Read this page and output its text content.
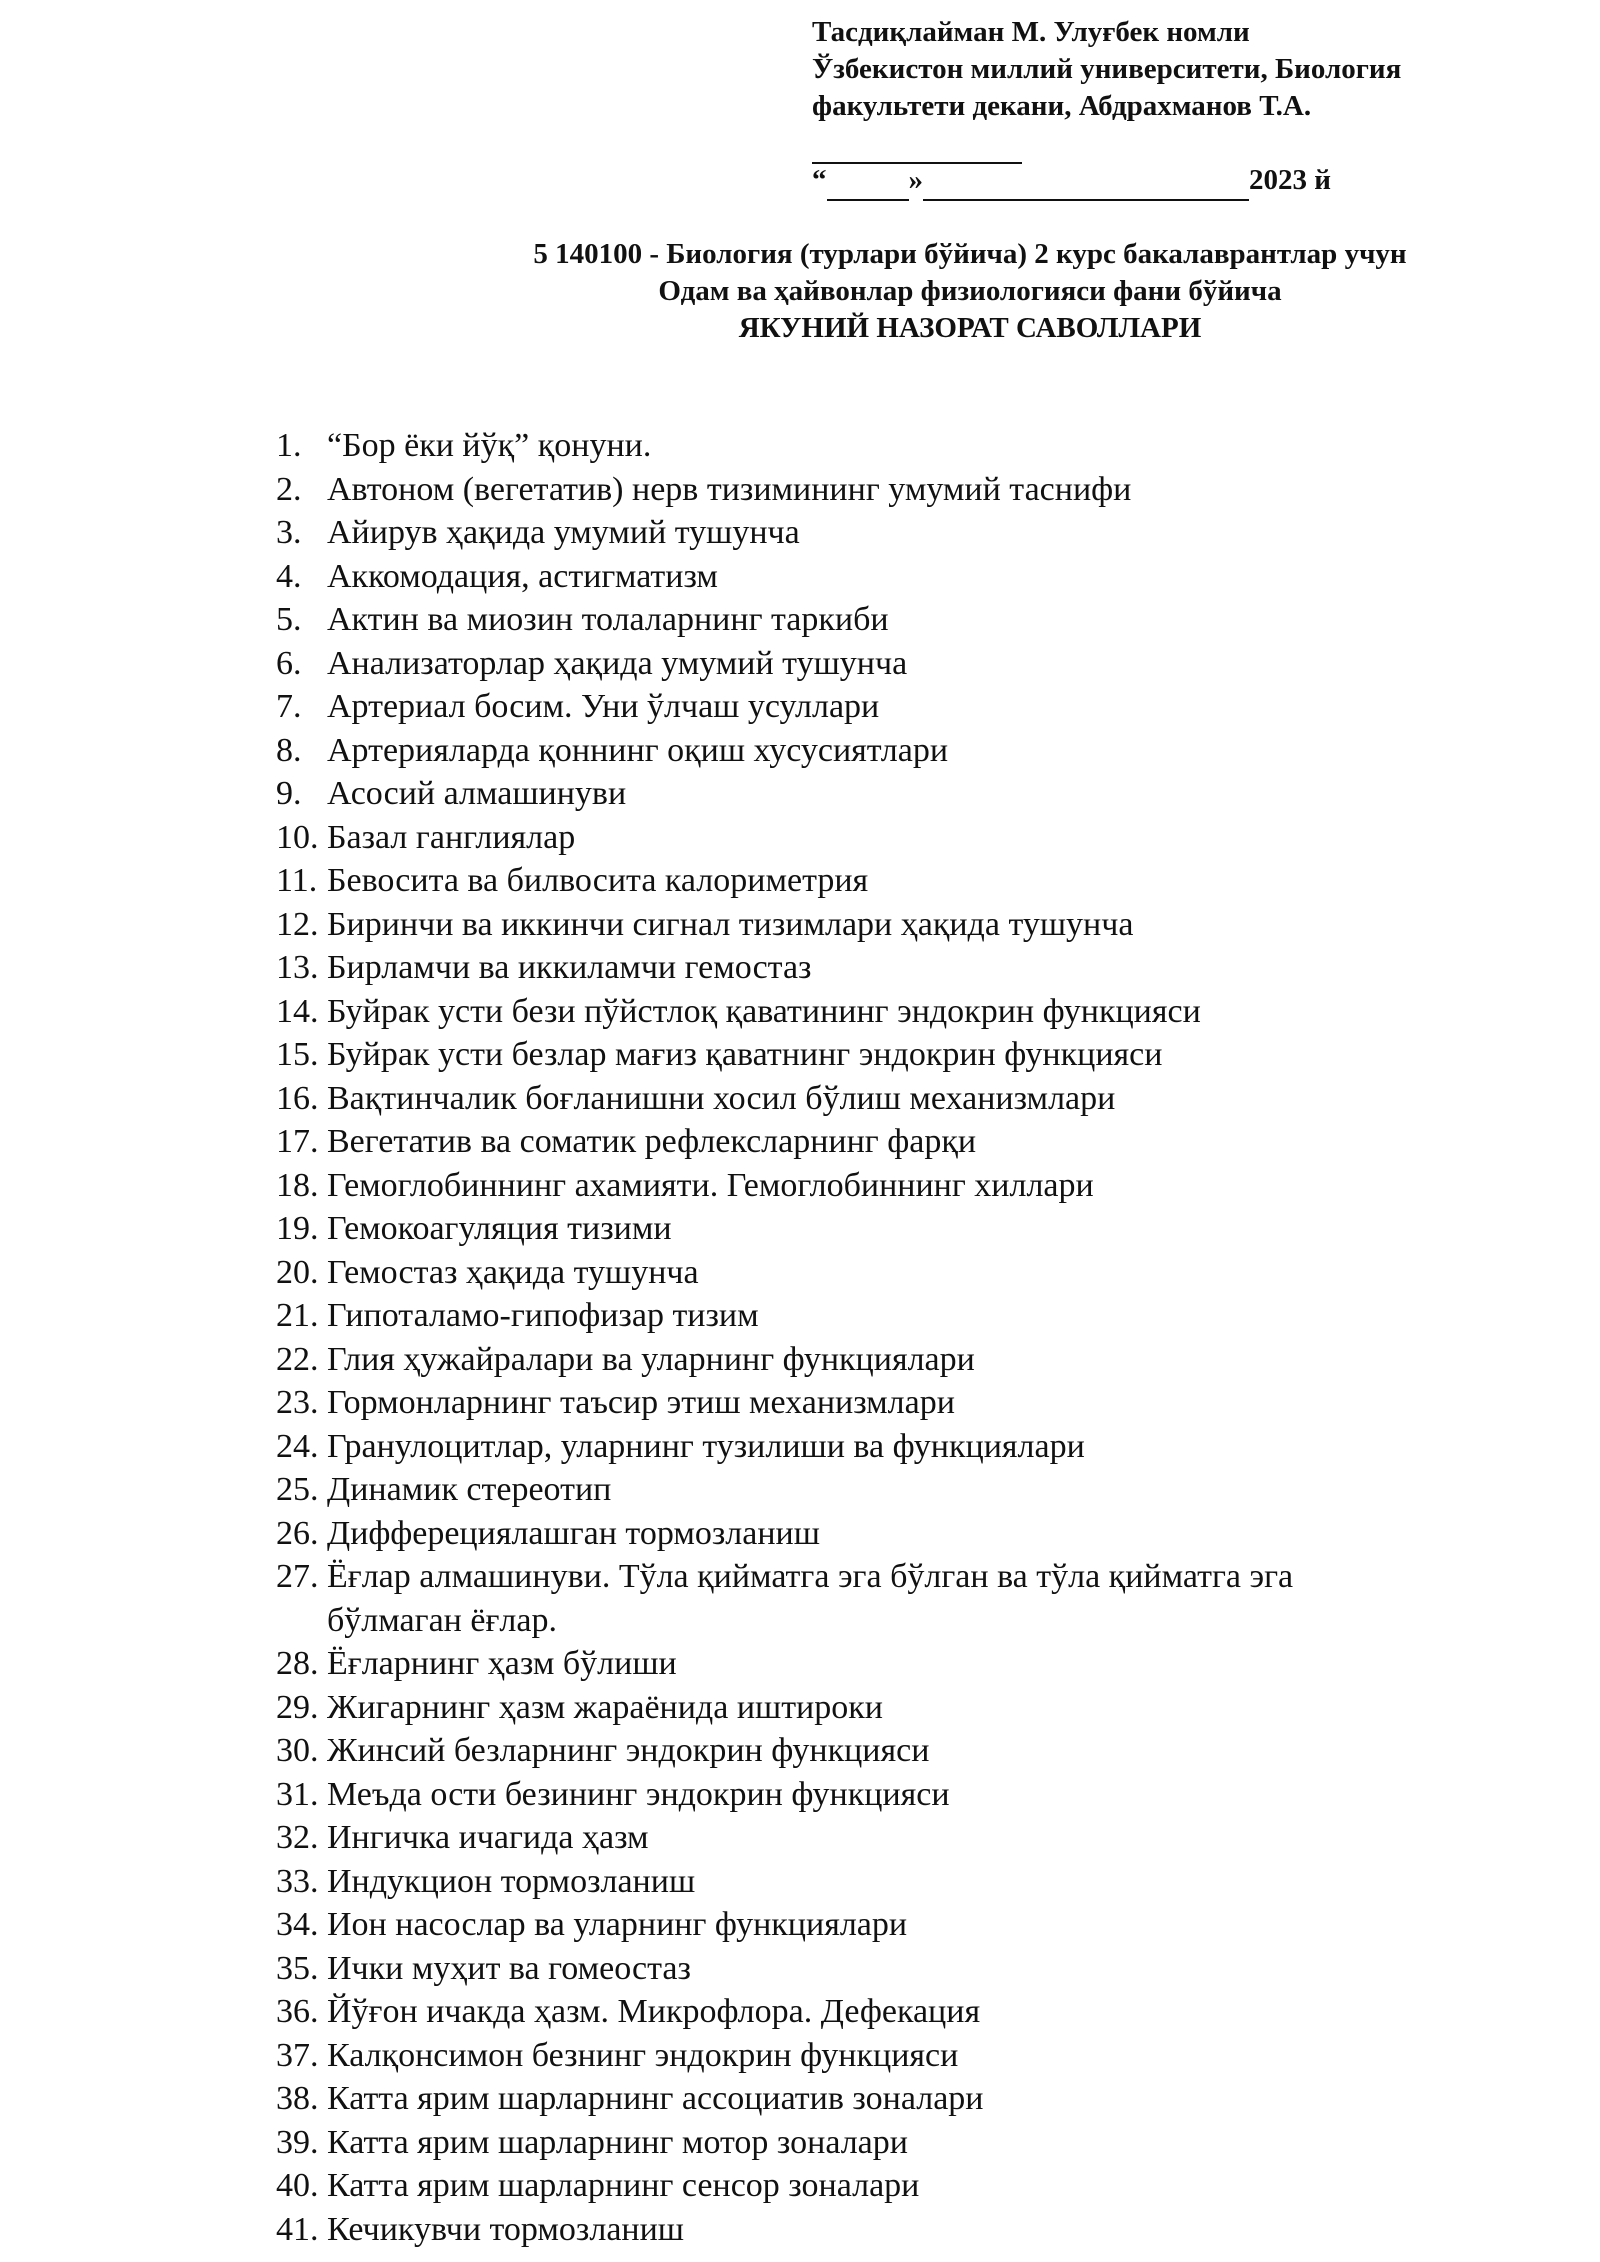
Тасдиқлайман М. Улуғбек номли
Ўзбекистон миллий университети, Биология
факультети декани, Абдрахманов Т.А.

“	»	2023 й
5 140100 - Биология (турлари бўйича) 2 курс бакалаврантлар учун
Одам ва ҳайвонлар физиологияси фани бўйича
ЯКУНИЙ НАЗОРАТ САВОЛЛАРИ
1. “Бор ёки йўқ” қонуни.
2. Автоном (вегетатив) нерв тизимининг умумий таснифи
3. Айирув ҳақида умумий тушунча
4. Аккомодация, астигматизм
5. Актин ва миозин толаларнинг таркиби
6. Анализаторлар ҳақида умумий тушунча
7. Артериал босим. Уни ўлчаш усуллари
8. Артерияларда қоннинг оқиш хусусиятлари
9. Асосий алмашинуви
10. Базал ганглиялар
11. Бевосита ва билвосита калориметрия
12. Биринчи ва иккинчи сигнал тизимлари ҳақида тушунча
13. Бирламчи ва иккиламчи гемостаз
14. Буйрак усти бези пўйстлоқ қаватининг эндокрин функцияси
15. Буйрак усти безлар мағиз қаватнинг эндокрин функцияси
16. Вақтинчалик боғланишни хосил бўлиш механизмлари
17. Вегетатив ва соматик рефлексларнинг фарқи
18. Гемоглобиннинг ахамияти. Гемоглобиннинг хиллари
19. Гемокоагуляция тизими
20. Гемостаз ҳақида тушунча
21. Гипоталамо-гипофизар тизим
22. Глия ҳужайралари ва уларнинг функциялари
23. Гормонларнинг таъсир этиш механизмлари
24. Гранулоцитлар, уларнинг тузилиши ва функциялари
25. Динамик стереотип
26. Дифферециялашган тормозланиш
27. Ёғлар алмашинуви. Тўла қийматга эга бўлган ва тўла қийматга эга бўлмаган ёғлар.
28. Ёғларнинг ҳазм бўлиши
29. Жигарнинг ҳазм жараёнида иштироки
30. Жинсий безларнинг эндокрин функцияси
31. Меъда ости безининг эндокрин функцияси
32. Ингичка ичагида ҳазм
33. Индукцион тормозланиш
34. Ион насослар ва уларнинг функциялари
35. Ички муҳит ва гомеостаз
36. Йўғон ичакда ҳазм. Микрофлора. Дефекация
37. Калқонсимон безнинг эндокрин функцияси
38. Катта ярим шарларнинг ассоциатив зоналари
39. Катта ярим шарларнинг мотор зоналари
40. Катта ярим шарларнинг сенсор зоналари
41. Кечикувчи тормозланиш
